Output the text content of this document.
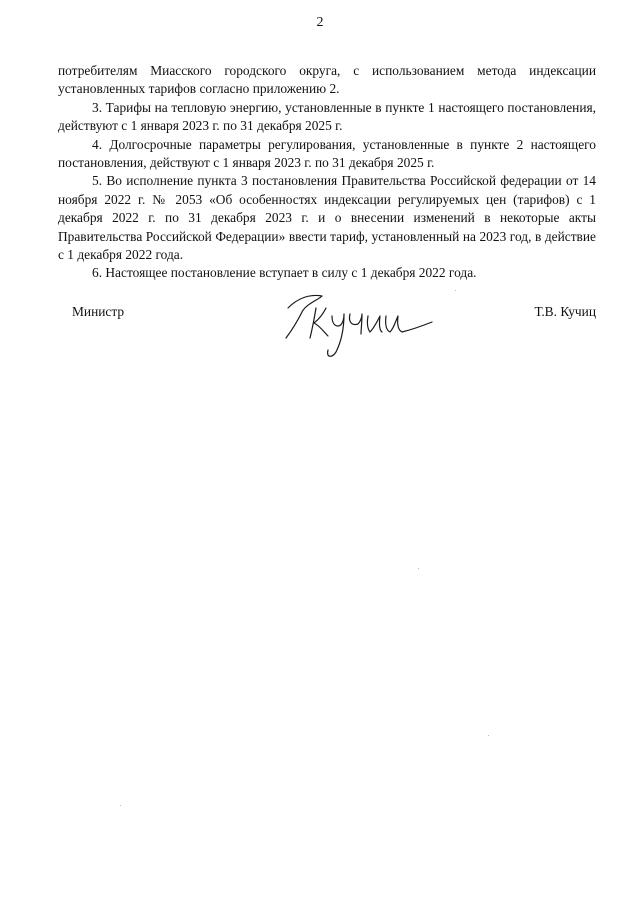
2

потребителям Миасского городского округа, с использованием метода индексации установленных тарифов согласно приложению 2.

3. Тарифы на тепловую энергию, установленные в пункте 1 настоящего постановления, действуют с 1 января 2023 г. по 31 декабря 2025 г.

4. Долгосрочные параметры регулирования, установленные в пункте 2 настоящего постановления, действуют с 1 января 2023 г. по 31 декабря 2025 г.

5. Во исполнение пункта 3 постановления Правительства Российской федерации от 14 ноября 2022 г. № 2053 «Об особенностях индексации регулируемых цен (тарифов) с 1 декабря 2022 г. по 31 декабря 2023 г. и о внесении изменений в некоторые акты Правительства Российской Федерации» ввести тариф, установленный на 2023 год, в действие с 1 декабря 2022 года.

6. Настоящее постановление вступает в силу с 1 декабря 2022 года.

Министр	Т.В. Кучиц
